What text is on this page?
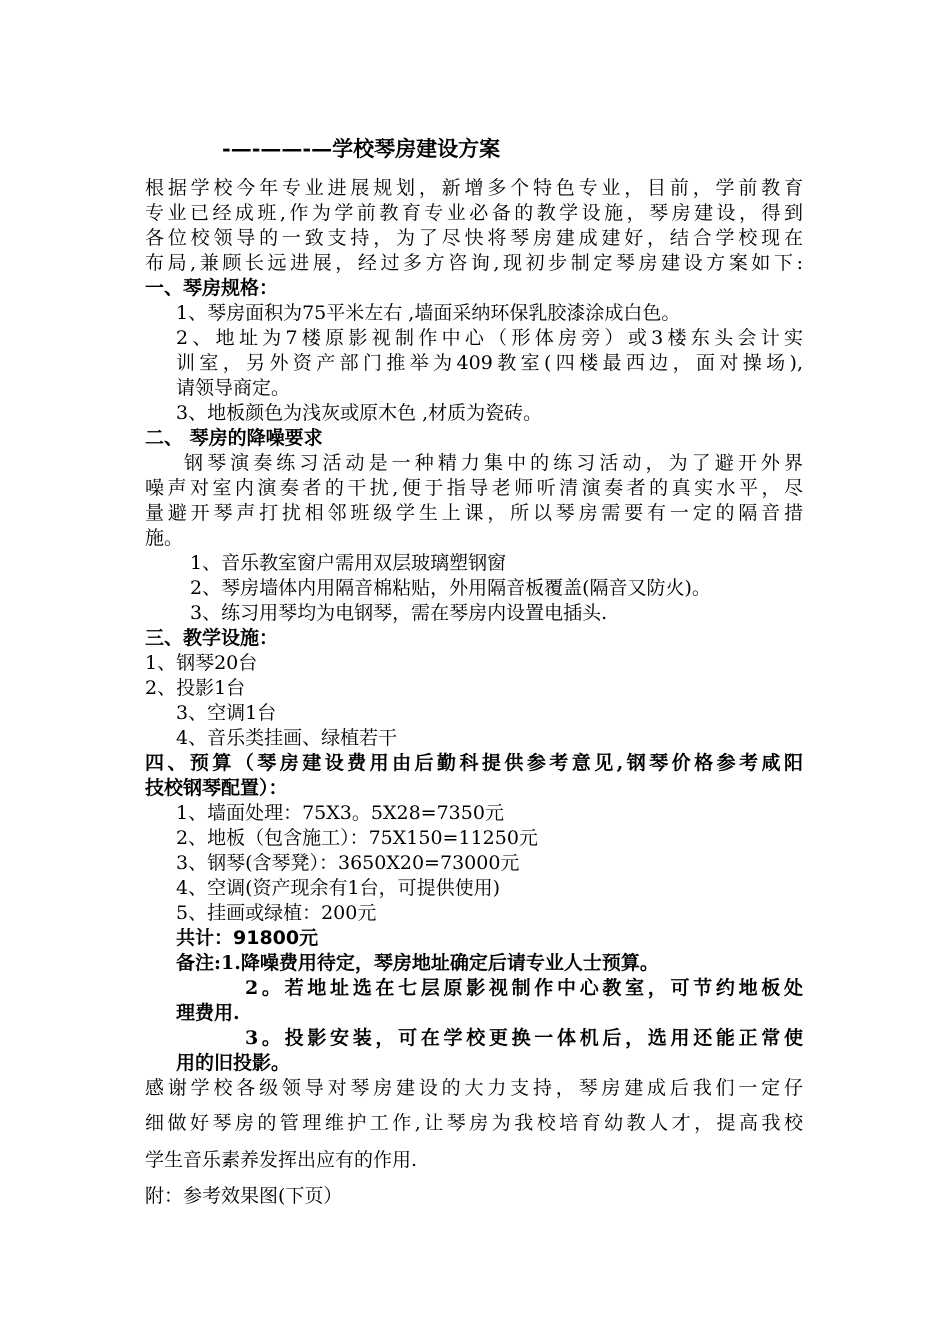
-—-——-—学校琴房建设方案
根据学校今年专业进展规划，新增多个特色专业，目前，学前教育
专业已经成班,作为学前教育专业必备的教学设施，琴房建设，得到
各位校领导的一致支持，为了尽快将琴房建成建好，结合学校现在
布局,兼顾长远进展，经过多方咨询,现初步制定琴房建设方案如下:
一、琴房规格：
1、琴房面积为75平米左右 ,墙面采纳环保乳胶漆涂成白色。
2、地址为7楼原影视制作中心（形体房旁）或3楼东头会计实
训室，另外资产部门推举为409教室(四楼最西边，面对操场),
请领导商定。
3、地板颜色为浅灰或原木色 ,材质为瓷砖。
二、 琴房的降噪要求
钢琴演奏练习活动是一种精力集中的练习活动，为了避开外界
噪声对室内演奏者的干扰,便于指导老师听清演奏者的真实水平，尽
量避开琴声打扰相邻班级学生上课，所以琴房需要有一定的隔音措
施。
1、音乐教室窗户需用双层玻璃塑钢窗
2、琴房墙体内用隔音棉粘贴，外用隔音板覆盖(隔音又防火)。
3、练习用琴均为电钢琴，需在琴房内设置电插头.
三、教学设施：
1、钢琴20台
2、投影1台
3、空调1台
4、音乐类挂画、绿植若干
四、预算（琴房建设费用由后勤科提供参考意见,钢琴价格参考咸阳
技校钢琴配置）：
1、墙面处理：75X3。5X28=7350元
2、地板（包含施工）：75X150=11250元
3、钢琴(含琴凳）：3650X20=73000元
4、空调(资产现余有1台，可提供使用)
5、挂画或绿植：200元
共计：91800元
备注:1.降噪费用待定，琴房地址确定后请专业人士预算。
2。若地址选在七层原影视制作中心教室，可节约地板处
理费用.
3。投影安装，可在学校更换一体机后，选用还能正常使
用的旧投影。
感谢学校各级领导对琴房建设的大力支持，琴房建成后我们一定仔
细做好琴房的管理维护工作,让琴房为我校培育幼教人才，提高我校
学生音乐素养发挥出应有的作用.
附：参考效果图(下页）
